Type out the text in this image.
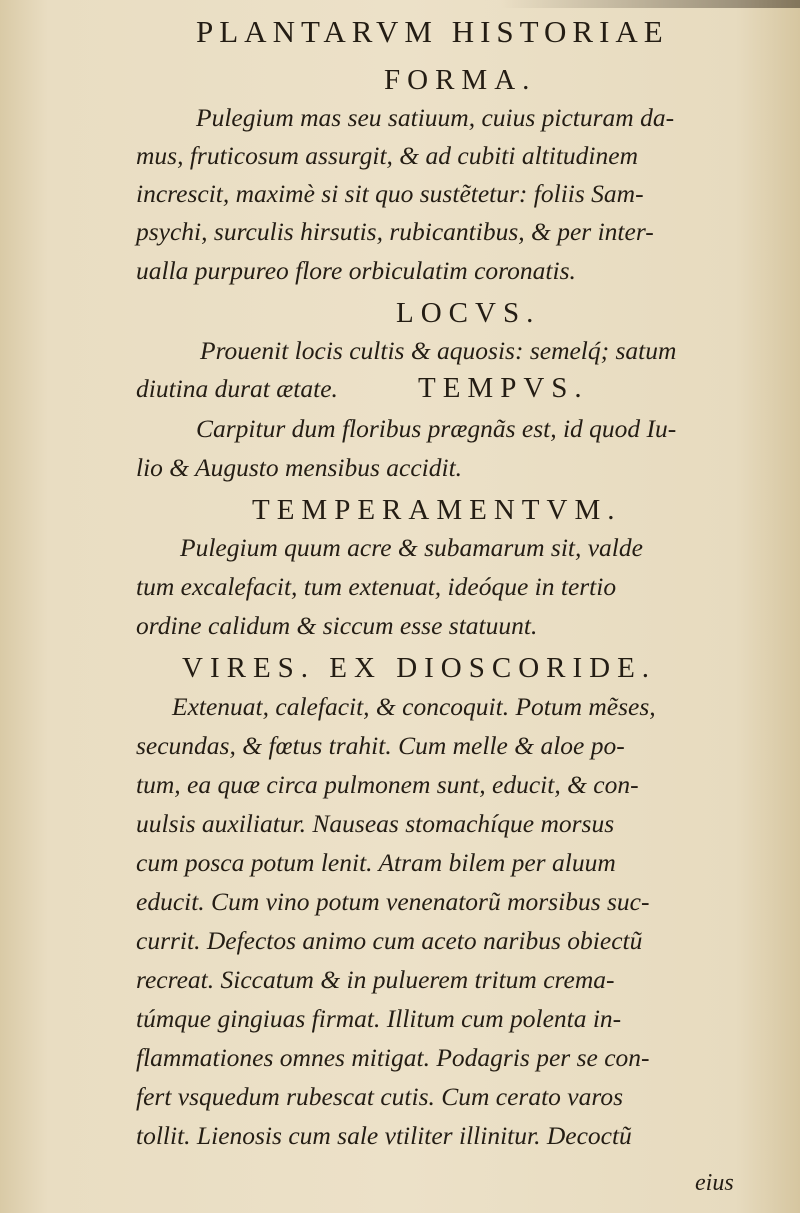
PLANTARVM HISTORIAE
FORMA.
Pulegium mas seu satiuum, cuius picturam da-
mus, fruticosum assurgit, & ad cubiti altitudinem
increscit, maximè si sit quo sustẽtetur: foliis Sam-
psychi, surculis hirsutis, rubicantibus, & per inter-
ualla purpureo flore orbiculatim coronatis.
LOCVS.
Prouenit locis cultis & aquosis: semelq́; satum
diutina durat ætate.	TEMPVS.
Carpitur dum floribus prægnãs est, id quod Iu-
lio & Augusto mensibus accidit.
TEMPERAMENTVM.
Pulegium quum acre & subamarum sit, valde
tum excalefacit, tum extenuat, ideóque in tertio
ordine calidum & siccum esse statuunt.
VIRES. EX DIOSCORIDE.
Extenuat, calefacit, & concoquit. Potum mẽses,
secundas, & fœtus trahit. Cum melle & aloe po-
tum, ea quæ circa pulmonem sunt, educit, & con-
uulsis auxiliatur. Nauseas stomachíque morsus
cum posca potum lenit. Atram bilem per aluum
educit. Cum vino potum venenatorũ morsibus suc-
currit. Defectos animo cum aceto naribus obiectũ
recreat. Siccatum & in puluerem tritum crema-
túmque gingiuas firmat. Illitum cum polenta in-
flammationes omnes mitigat. Podagris per se con-
fert vsquedum rubescat cutis. Cum cerato varos
tollit. Lienosis cum sale vtiliter illinitur. Decoctũ
eius
